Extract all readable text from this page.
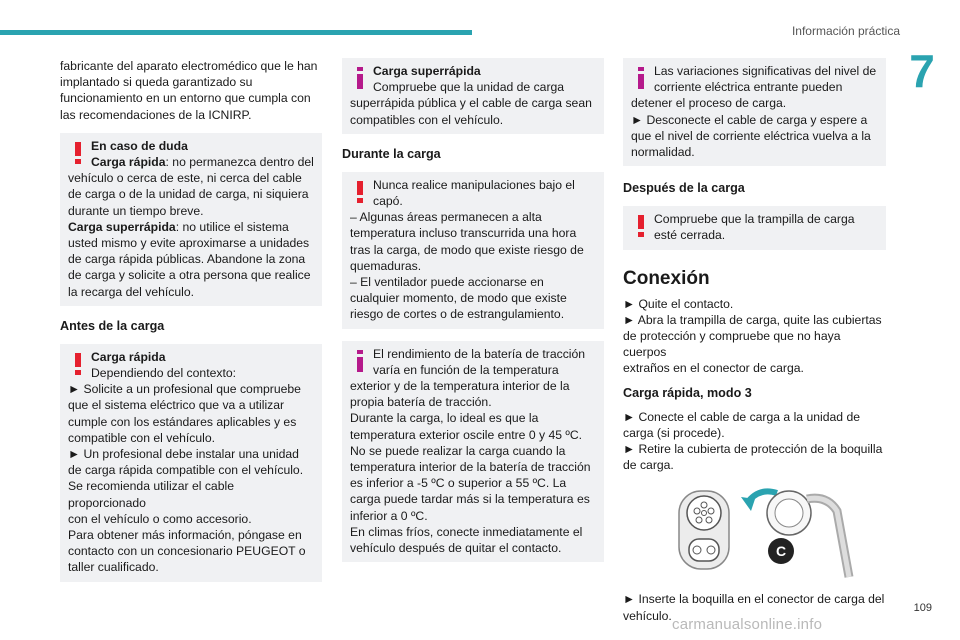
Información práctica
7

fabricante del aparato electromédico que le han

implantado si queda garantizado su

funcionamiento en un entorno que cumpla con

las recomendaciones de la ICNIRP.

En caso de duda

Carga rápida: no permanezca dentro del

vehículo o cerca de este, ni cerca del cable

de carga o de la unidad de carga, ni siquiera

durante un tiempo breve.

Carga superrápida: no utilice el sistema

usted mismo y evite aproximarse a unidades

de carga rápida públicas. Abandone la zona

de carga y solicite a otra persona que realice

la recarga del vehículo.

Antes de la carga

Carga rápida

Dependiendo del contexto:

► Solicite a un profesional que compruebe

que el sistema eléctrico que va a utilizar

cumple con los estándares aplicables y es

compatible con el vehículo.

► Un profesional debe instalar una unidad

de carga rápida compatible con el vehículo.

Se recomienda utilizar el cable proporcionado

con el vehículo o como accesorio.

Para obtener más información, póngase en

contacto con un concesionario PEUGEOT o

taller cualificado.

Carga superrápida

Compruebe que la unidad de carga

superrápida pública y el cable de carga sean

compatibles con el vehículo.

Durante la carga

Nunca realice manipulaciones bajo el

capó.

– Algunas áreas permanecen a alta

temperatura incluso transcurrida una hora

tras la carga, de modo que existe riesgo de

quemaduras.

– El ventilador puede accionarse en

cualquier momento, de modo que existe

riesgo de cortes o de estrangulamiento.

El rendimiento de la batería de tracción

varía en función de la temperatura

exterior y de la temperatura interior de la

propia batería de tracción.

Durante la carga, lo ideal es que la

temperatura exterior oscile entre 0 y 45 ºC.

No se puede realizar la carga cuando la

temperatura interior de la batería de tracción

es inferior a -5 ºC o superior a 55 ºC. La

carga puede tardar más si la temperatura es

inferior a 0 ºC.

En climas fríos, conecte inmediatamente el

vehículo después de quitar el contacto.

Las variaciones significativas del nivel de

corriente eléctrica entrante pueden

detener el proceso de carga.

► Desconecte el cable de carga y espere a

que el nivel de corriente eléctrica vuelva a la

normalidad.

Después de la carga

Compruebe que la trampilla de carga

esté cerrada.

Conexión

► Quite el contacto.

► Abra la trampilla de carga, quite las cubiertas

de protección y compruebe que no haya cuerpos

extraños en el conector de carga.

Carga rápida, modo 3

► Conecte el cable de carga a la unidad de

carga (si procede).

► Retire la cubierta de protección de la boquilla

de carga.

C

► Inserte la boquilla en el conector de carga del

vehículo.

109
carmanualsonline.info
